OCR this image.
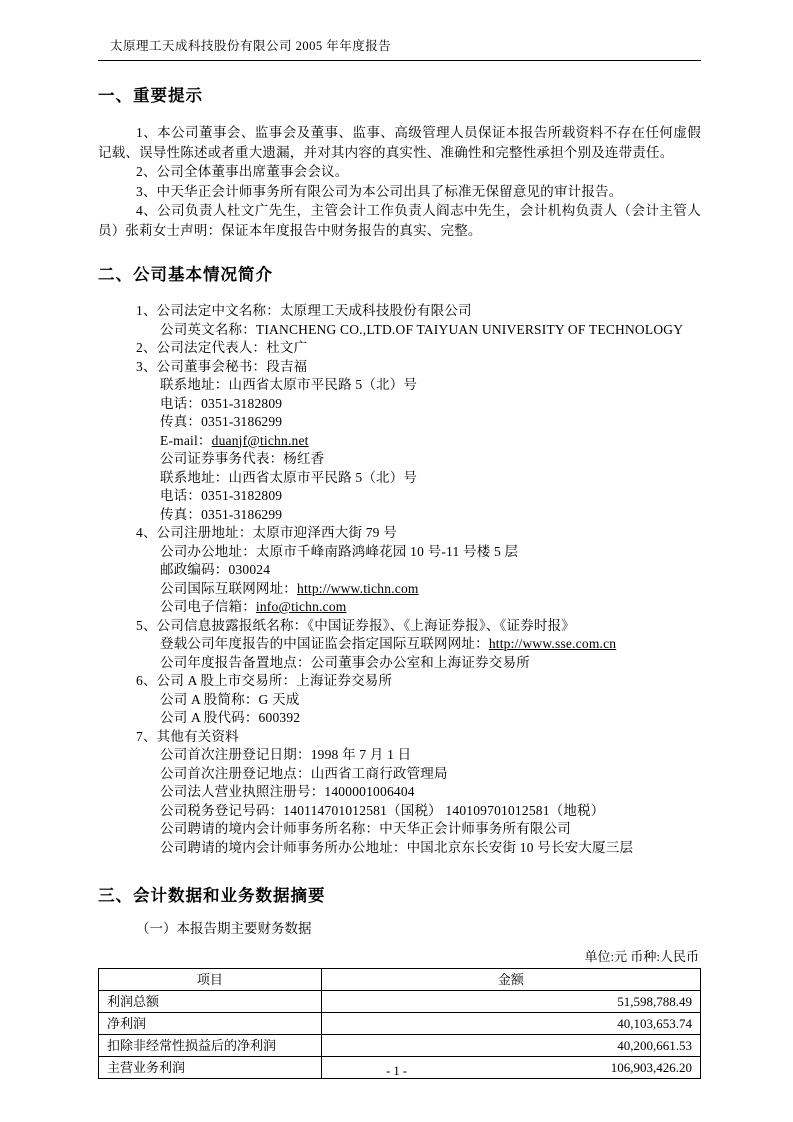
太原理工天成科技股份有限公司 2005 年年度报告
一、重要提示

1、本公司董事会、监事会及董事、监事、高级管理人员保证本报告所载资料不存在任何虚假记载、误导性陈述或者重大遗漏，并对其内容的真实性、准确性和完整性承担个别及连带责任。

2、公司全体董事出席董事会会议。

3、中天华正会计师事务所有限公司为本公司出具了标准无保留意见的审计报告。

4、公司负责人杜文广先生，主管会计工作负责人阎志中先生，会计机构负责人（会计主管人员）张莉女士声明：保证本年度报告中财务报告的真实、完整。

二、公司基本情况简介

1、公司法定中文名称：太原理工天成科技股份有限公司

公司英文名称：TIANCHENG CO.,LTD.OF TAIYUAN UNIVERSITY OF TECHNOLOGY

2、公司法定代表人：杜文广

3、公司董事会秘书：段吉福

联系地址：山西省太原市平民路 5（北）号

电话：0351-3182809

传真：0351-3186299

E-mail：duanjf@tichn.net

公司证券事务代表：杨红香

联系地址：山西省太原市平民路 5（北）号

电话：0351-3182809

传真：0351-3186299

4、公司注册地址：太原市迎泽西大街 79 号

公司办公地址：太原市千峰南路鸿峰花园 10 号-11 号楼 5 层

邮政编码：030024

公司国际互联网网址：http://www.tichn.com

公司电子信箱：info@tichn.com

5、公司信息披露报纸名称：《中国证券报》、《上海证券报》、《证券时报》

登载公司年度报告的中国证监会指定国际互联网网址：http://www.sse.com.cn

公司年度报告备置地点：公司董事会办公室和上海证券交易所

6、公司 A 股上市交易所：上海证券交易所

公司 A 股简称：G 天成

公司 A 股代码：600392

7、其他有关资料

公司首次注册登记日期：1998 年 7 月 1 日

公司首次注册登记地点：山西省工商行政管理局

公司法人营业执照注册号：1400001006404

公司税务登记号码：140114701012581（国税） 140109701012581（地税）

公司聘请的境内会计师事务所名称：中天华正会计师事务所有限公司

公司聘请的境内会计师事务所办公地址：中国北京东长安街 10 号长安大厦三层

三、会计数据和业务数据摘要
（一）本报告期主要财务数据
单位:元 币种:人民币
项目	金额
利润总额	51,598,788.49
净利润	40,103,653.74
扣除非经常性损益后的净利润	40,200,661.53
主营业务利润	106,903,426.20
- 1 -
